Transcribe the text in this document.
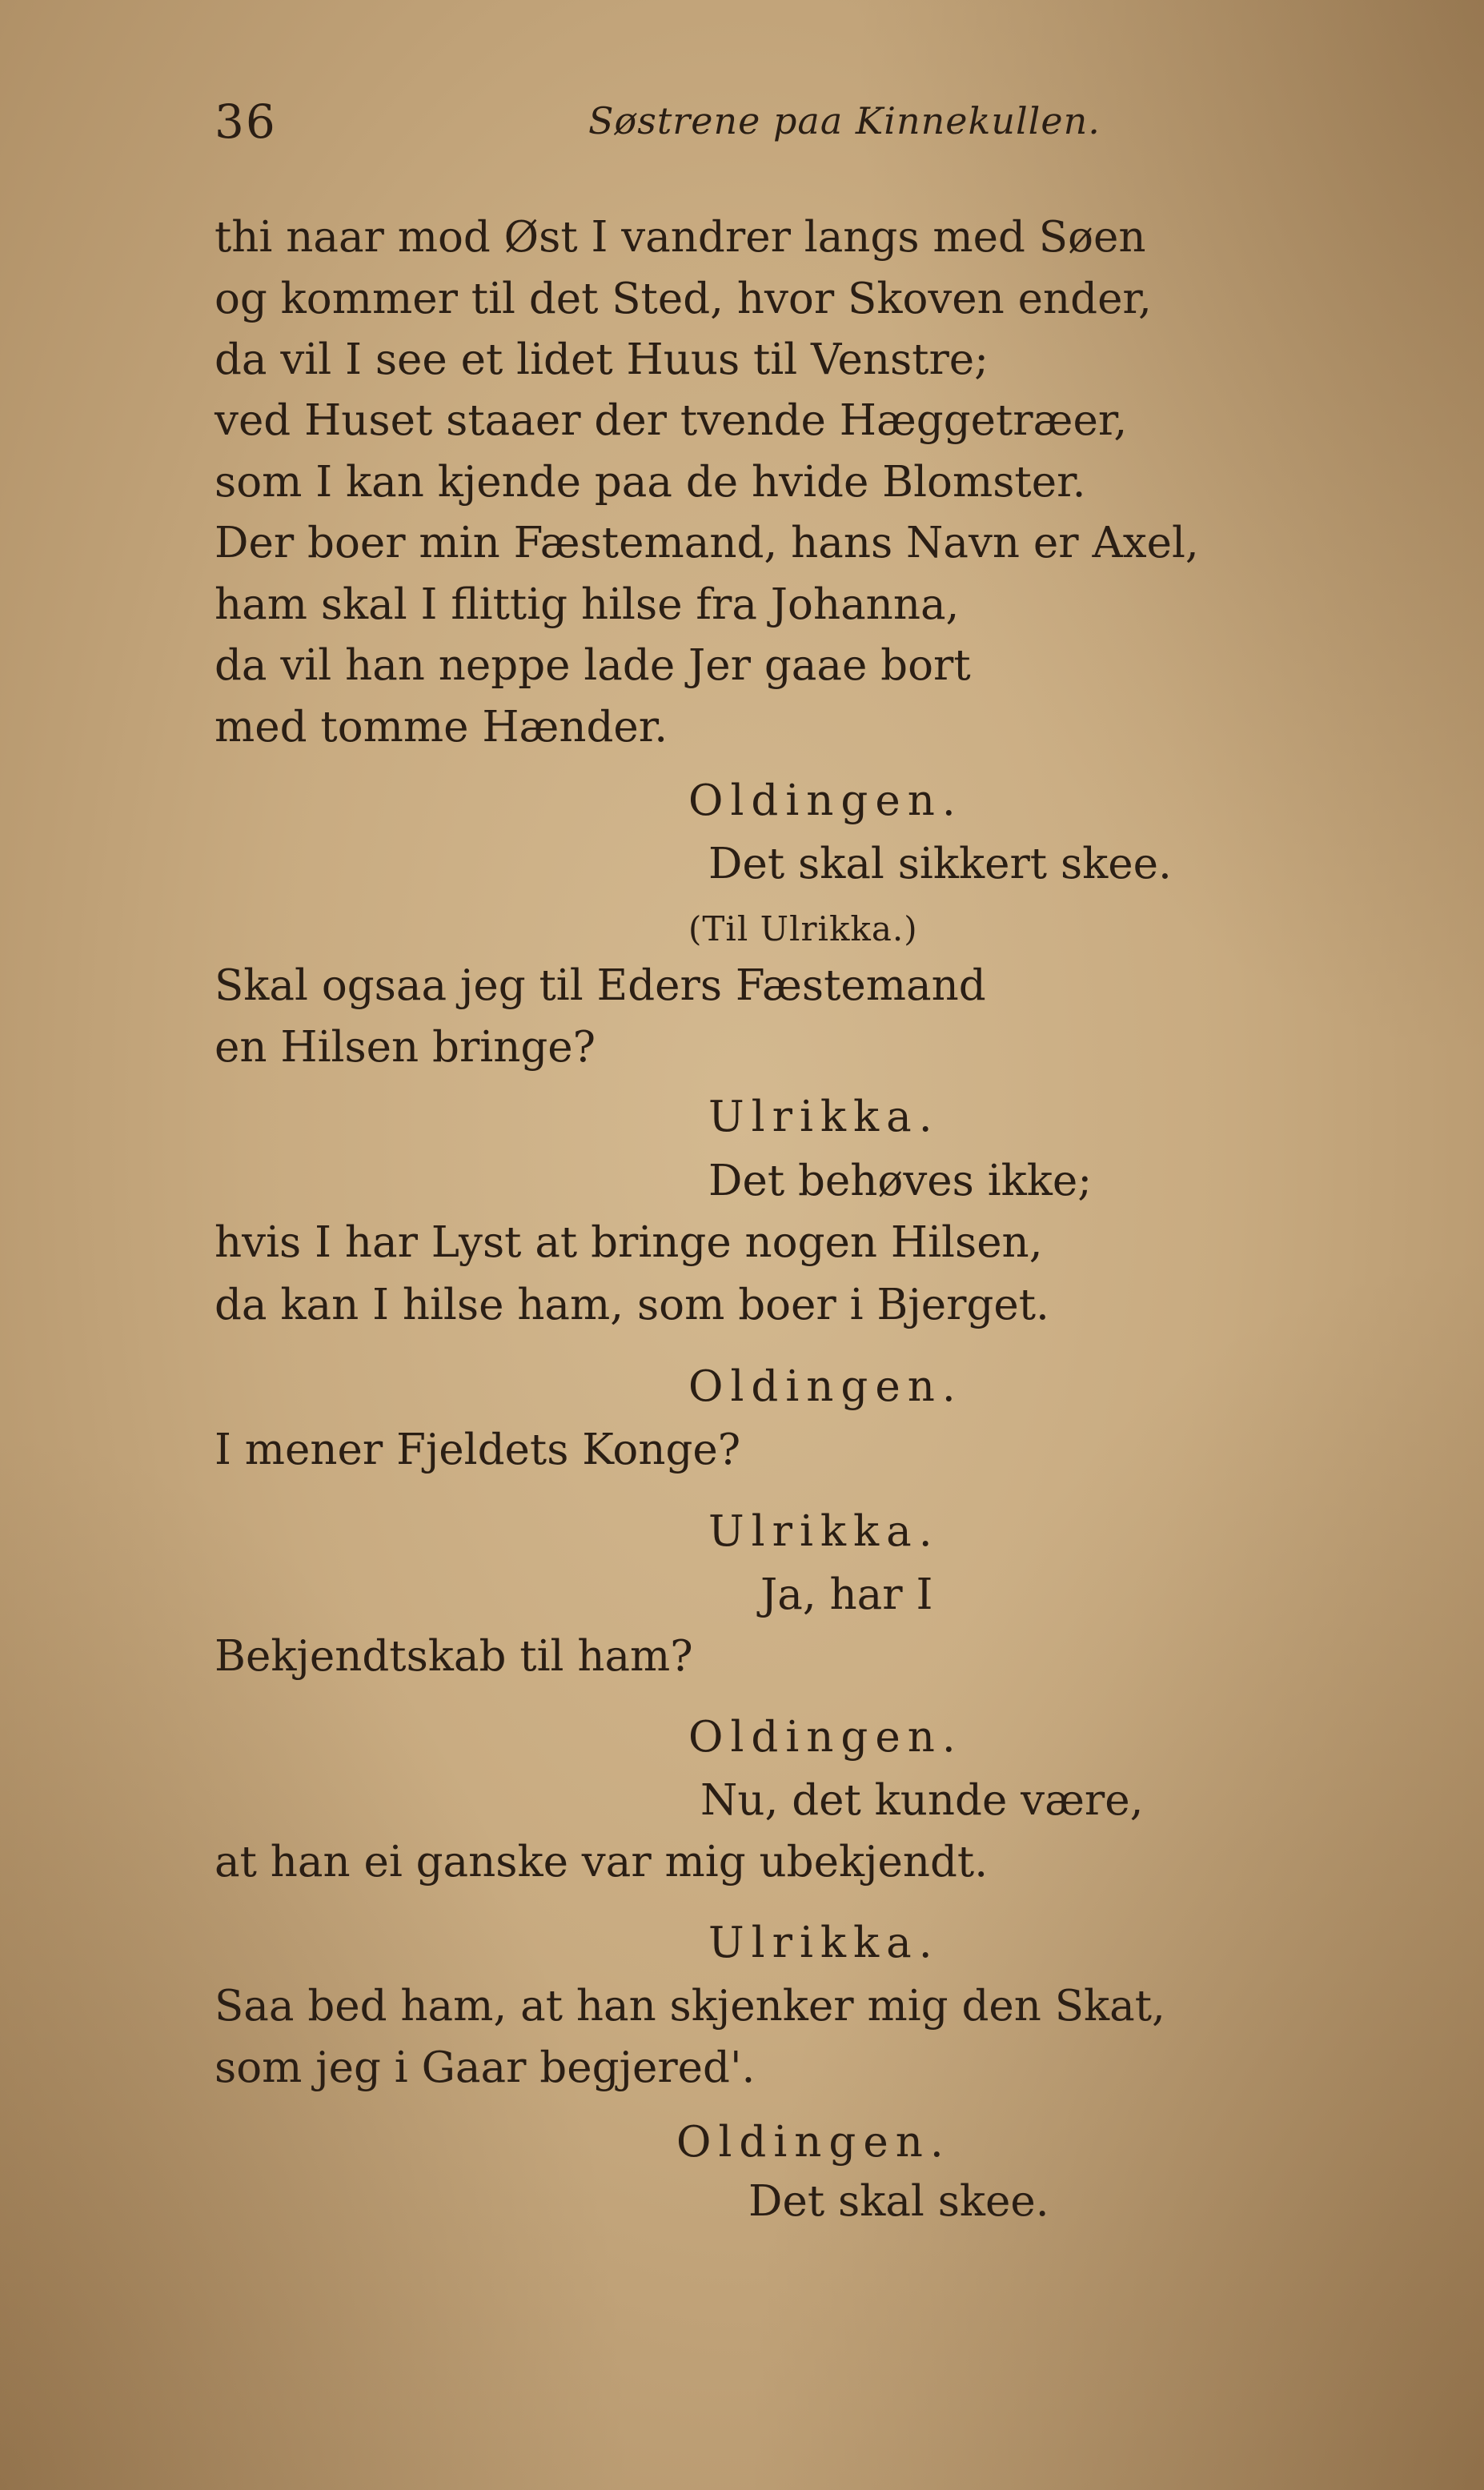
36	Søstrene paa Kinnekullen.
thi naar mod Øst I vandrer langs med Søen
og kommer til det Sted, hvor Skoven ender,
da vil I see et lidet Huus til Venstre;
ved Huset staaer der tvende Hæggetræer,
som I kan kjende paa de hvide Blomster.
Der boer min Fæstemand, hans Navn er Axel,
ham skal I flittig hilse fra Johanna,
da vil han neppe lade Jer gaae bort
med tomme Hænder.
Oldingen.
Det skal sikkert skee.
(Til Ulrikka.)
Skal ogsaa jeg til Eders Fæstemand
en Hilsen bringe?
Ulrikka.
Det behøves ikke;
hvis I har Lyst at bringe nogen Hilsen,
da kan I hilse ham, som boer i Bjerget.
Oldingen.
I mener Fjeldets Konge?
Ulrikka.
Ja, har I
Bekjendtskab til ham?
Oldingen.
Nu, det kunde være,
at han ei ganske var mig ubekjendt.
Ulrikka.
Saa bed ham, at han skjenker mig den Skat,
som jeg i Gaar begjered'.
Oldingen.
Det skal skee.
